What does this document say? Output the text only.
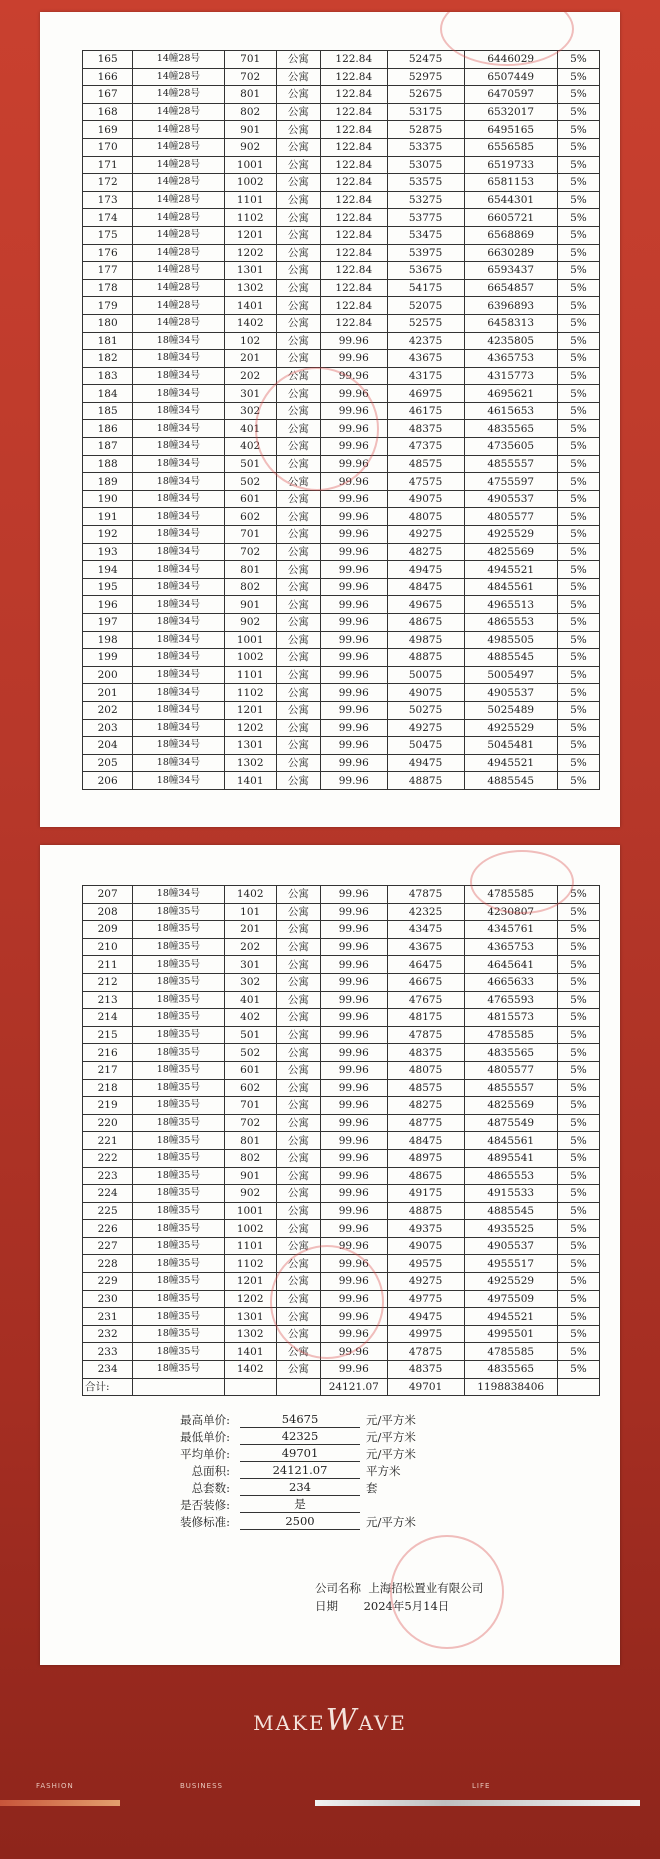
165	14幢28号	701	公寓	122.84	52475	6446029	5%
166	14幢28号	702	公寓	122.84	52975	6507449	5%
167	14幢28号	801	公寓	122.84	52675	6470597	5%
168	14幢28号	802	公寓	122.84	53175	6532017	5%
169	14幢28号	901	公寓	122.84	52875	6495165	5%
170	14幢28号	902	公寓	122.84	53375	6556585	5%
171	14幢28号	1001	公寓	122.84	53075	6519733	5%
172	14幢28号	1002	公寓	122.84	53575	6581153	5%
173	14幢28号	1101	公寓	122.84	53275	6544301	5%
174	14幢28号	1102	公寓	122.84	53775	6605721	5%
175	14幢28号	1201	公寓	122.84	53475	6568869	5%
176	14幢28号	1202	公寓	122.84	53975	6630289	5%
177	14幢28号	1301	公寓	122.84	53675	6593437	5%
178	14幢28号	1302	公寓	122.84	54175	6654857	5%
179	14幢28号	1401	公寓	122.84	52075	6396893	5%
180	14幢28号	1402	公寓	122.84	52575	6458313	5%
181	18幢34号	102	公寓	99.96	42375	4235805	5%
182	18幢34号	201	公寓	99.96	43675	4365753	5%
183	18幢34号	202	公寓	99.96	43175	4315773	5%
184	18幢34号	301	公寓	99.96	46975	4695621	5%
185	18幢34号	302	公寓	99.96	46175	4615653	5%
186	18幢34号	401	公寓	99.96	48375	4835565	5%
187	18幢34号	402	公寓	99.96	47375	4735605	5%
188	18幢34号	501	公寓	99.96	48575	4855557	5%
189	18幢34号	502	公寓	99.96	47575	4755597	5%
190	18幢34号	601	公寓	99.96	49075	4905537	5%
191	18幢34号	602	公寓	99.96	48075	4805577	5%
192	18幢34号	701	公寓	99.96	49275	4925529	5%
193	18幢34号	702	公寓	99.96	48275	4825569	5%
194	18幢34号	801	公寓	99.96	49475	4945521	5%
195	18幢34号	802	公寓	99.96	48475	4845561	5%
196	18幢34号	901	公寓	99.96	49675	4965513	5%
197	18幢34号	902	公寓	99.96	48675	4865553	5%
198	18幢34号	1001	公寓	99.96	49875	4985505	5%
199	18幢34号	1002	公寓	99.96	48875	4885545	5%
200	18幢34号	1101	公寓	99.96	50075	5005497	5%
201	18幢34号	1102	公寓	99.96	49075	4905537	5%
202	18幢34号	1201	公寓	99.96	50275	5025489	5%
203	18幢34号	1202	公寓	99.96	49275	4925529	5%
204	18幢34号	1301	公寓	99.96	50475	5045481	5%
205	18幢34号	1302	公寓	99.96	49475	4945521	5%
206	18幢34号	1401	公寓	99.96	48875	4885545	5%
207	18幢34号	1402	公寓	99.96	47875	4785585	5%
208	18幢35号	101	公寓	99.96	42325	4230807	5%
209	18幢35号	201	公寓	99.96	43475	4345761	5%
210	18幢35号	202	公寓	99.96	43675	4365753	5%
211	18幢35号	301	公寓	99.96	46475	4645641	5%
212	18幢35号	302	公寓	99.96	46675	4665633	5%
213	18幢35号	401	公寓	99.96	47675	4765593	5%
214	18幢35号	402	公寓	99.96	48175	4815573	5%
215	18幢35号	501	公寓	99.96	47875	4785585	5%
216	18幢35号	502	公寓	99.96	48375	4835565	5%
217	18幢35号	601	公寓	99.96	48075	4805577	5%
218	18幢35号	602	公寓	99.96	48575	4855557	5%
219	18幢35号	701	公寓	99.96	48275	4825569	5%
220	18幢35号	702	公寓	99.96	48775	4875549	5%
221	18幢35号	801	公寓	99.96	48475	4845561	5%
222	18幢35号	802	公寓	99.96	48975	4895541	5%
223	18幢35号	901	公寓	99.96	48675	4865553	5%
224	18幢35号	902	公寓	99.96	49175	4915533	5%
225	18幢35号	1001	公寓	99.96	48875	4885545	5%
226	18幢35号	1002	公寓	99.96	49375	4935525	5%
227	18幢35号	1101	公寓	99.96	49075	4905537	5%
228	18幢35号	1102	公寓	99.96	49575	4955517	5%
229	18幢35号	1201	公寓	99.96	49275	4925529	5%
230	18幢35号	1202	公寓	99.96	49775	4975509	5%
231	18幢35号	1301	公寓	99.96	49475	4945521	5%
232	18幢35号	1302	公寓	99.96	49975	4995501	5%
233	18幢35号	1401	公寓	99.96	47875	4785585	5%
234	18幢35号	1402	公寓	99.96	48375	4835565	5%
合计:				24121.07	49701	1198838406	
最高单价:	54675	元/平方米
最低单价:	42325	元/平方米
平均单价:	49701	元/平方米
总面积:	24121.07	平方米
总套数:	234	套
是否装修:	是
装修标准:	2500	元/平方米
公司名称 上海招松置业有限公司
日期 2024年5月14日
MAKEWAVE
FASHION	BUSINESS	LIFE
